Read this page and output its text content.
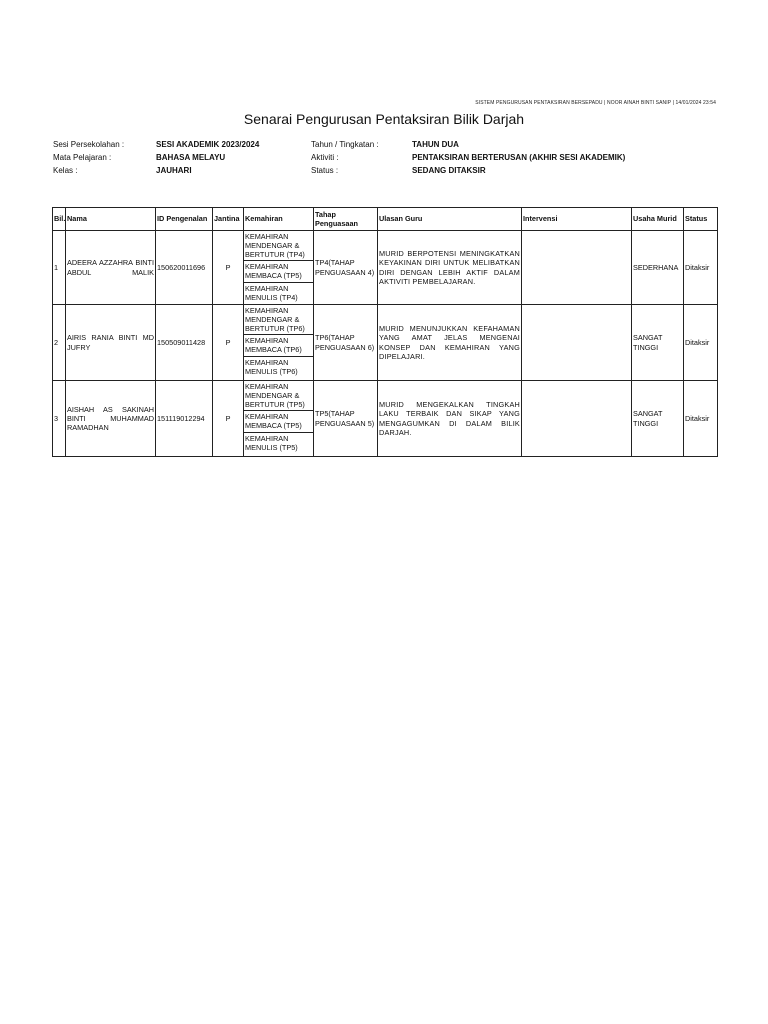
SISTEM PENGURUSAN PENTAKSIRAN BERSEPADU | NOOR AINAH BINTI SANIP | 14/01/2024 23:54
Senarai Pengurusan Pentaksiran Bilik Darjah
Sesi Persekolahan :	SESI AKADEMIK 2023/2024	Tahun / Tingkatan :	TAHUN DUA
Mata Pelajaran :	BAHASA MELAYU	Aktiviti :	PENTAKSIRAN BERTERUSAN (AKHIR SESI AKADEMIK)
Kelas :	JAUHARI	Status :	SEDANG DITAKSIR
Bil.	Nama	ID Pengenalan	Jantina	Kemahiran	Tahap Penguasaan	Ulasan Guru	Intervensi	Usaha Murid	Status
1	ADEERA AZZAHRA BINTI ABDUL MALIK	150620011696	P	KEMAHIRAN MENDENGAR & BERTUTUR (TP4)
KEMAHIRAN MEMBACA (TP5)
KEMAHIRAN MENULIS (TP4)	TP4(TAHAP PENGUASAAN 4)	MURID BERPOTENSI MENINGKATKAN KEYAKINAN DIRI UNTUK MELIBATKAN DIRI DENGAN LEBIH AKTIF DALAM AKTIVITI PEMBELAJARAN.		SEDERHANA	Ditaksir
2	AIRIS RANIA BINTI MD JUFRY	150509011428	P	KEMAHIRAN MENDENGAR & BERTUTUR (TP6)
KEMAHIRAN MEMBACA (TP6)
KEMAHIRAN MENULIS (TP6)	TP6(TAHAP PENGUASAAN 6)	MURID MENUNJUKKAN KEFAHAMAN YANG AMAT JELAS MENGENAI KONSEP DAN KEMAHIRAN YANG DIPELAJARI.		SANGAT TINGGI	Ditaksir
3	AISHAH AS SAKINAH BINTI MUHAMMAD RAMADHAN	151119012294	P	KEMAHIRAN MENDENGAR & BERTUTUR (TP5)
KEMAHIRAN MEMBACA (TP5)
KEMAHIRAN MENULIS (TP5)	TP5(TAHAP PENGUASAAN 5)	MURID MENGEKALKAN TINGKAH LAKU TERBAIK DAN SIKAP YANG MENGAGUMKAN DI DALAM BILIK DARJAH.		SANGAT TINGGI	Ditaksir
